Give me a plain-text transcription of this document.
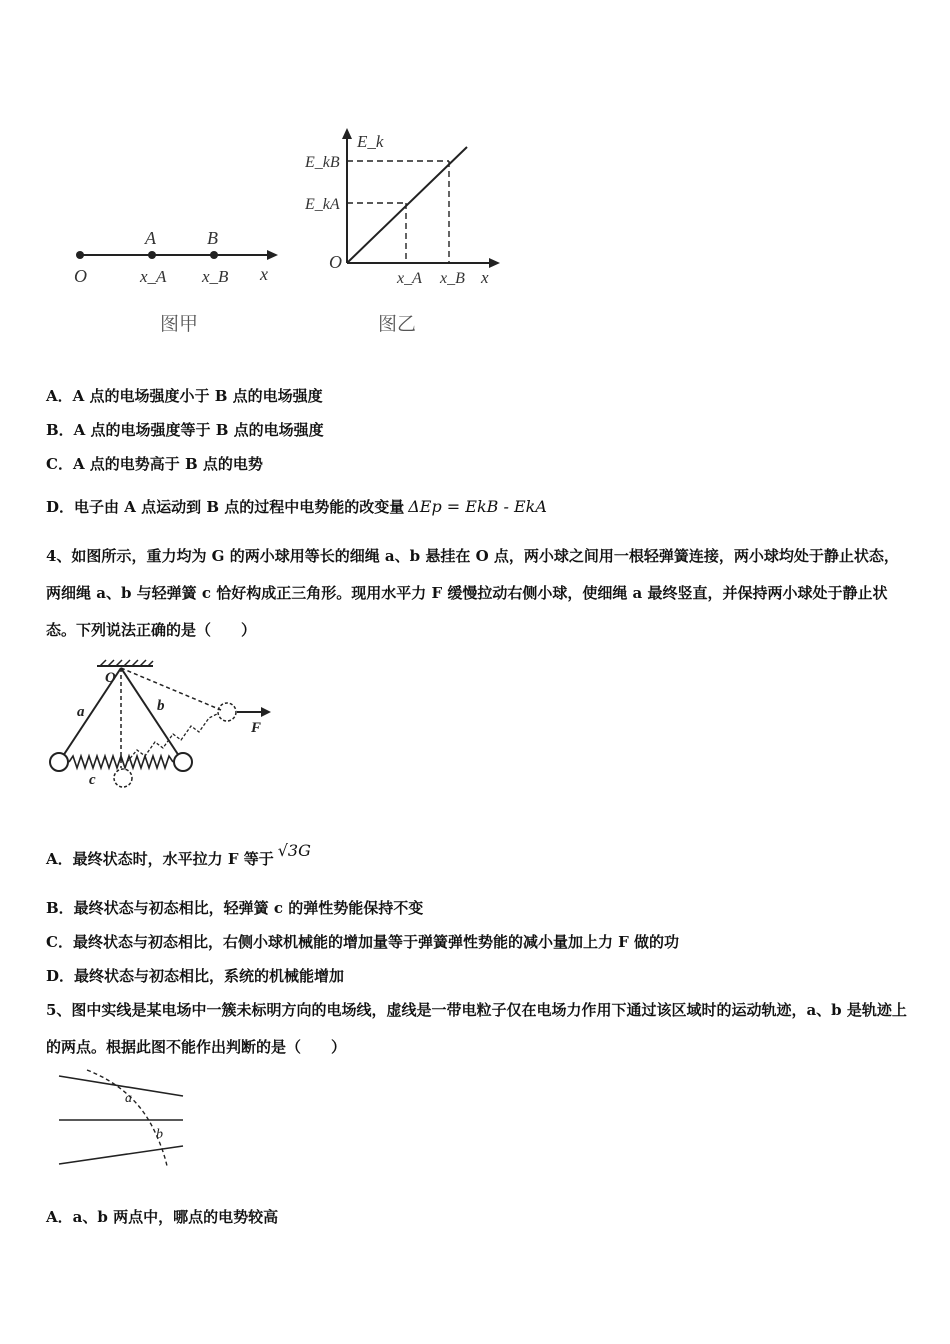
O
A	B
x_A x_B x
图甲
E_k
E_kB
E_kA
O
x_A x_B x
图乙
A．A 点的电场强度小于 B 点的电场强度
B．A 点的电场强度等于 B 点的电场强度
C．A 点的电势高于 B 点的电势
D．电子由 A 点运动到 B 点的过程中电势能的改变量 ΔEp = EkB - EkA
4、如图所示，重力均为 G 的两小球用等长的细绳 a、b 悬挂在 O 点，两小球之间用一根轻弹簧连接，两小球均处于静止状态，两细绳 a、b 与轻弹簧 c 恰好构成正三角形。现用水平力 F 缓慢拉动右侧小球，使细绳 a 最终竖直，并保持两小球处于静止状态。下列说法正确的是（　　）
O
a	b
c
F
A．最终状态时，水平拉力 F 等于 √3G
B．最终状态与初态相比，轻弹簧 c 的弹性势能保持不变
C．最终状态与初态相比，右侧小球机械能的增加量等于弹簧弹性势能的减小量加上力 F 做的功
D．最终状态与初态相比，系统的机械能增加
5、图中实线是某电场中一簇未标明方向的电场线，虚线是一带电粒子仅在电场力作用下通过该区域时的运动轨迹，a、b 是轨迹上的两点。根据此图不能作出判断的是（　　）
a
b
A．a、b 两点中，哪点的电势较高
